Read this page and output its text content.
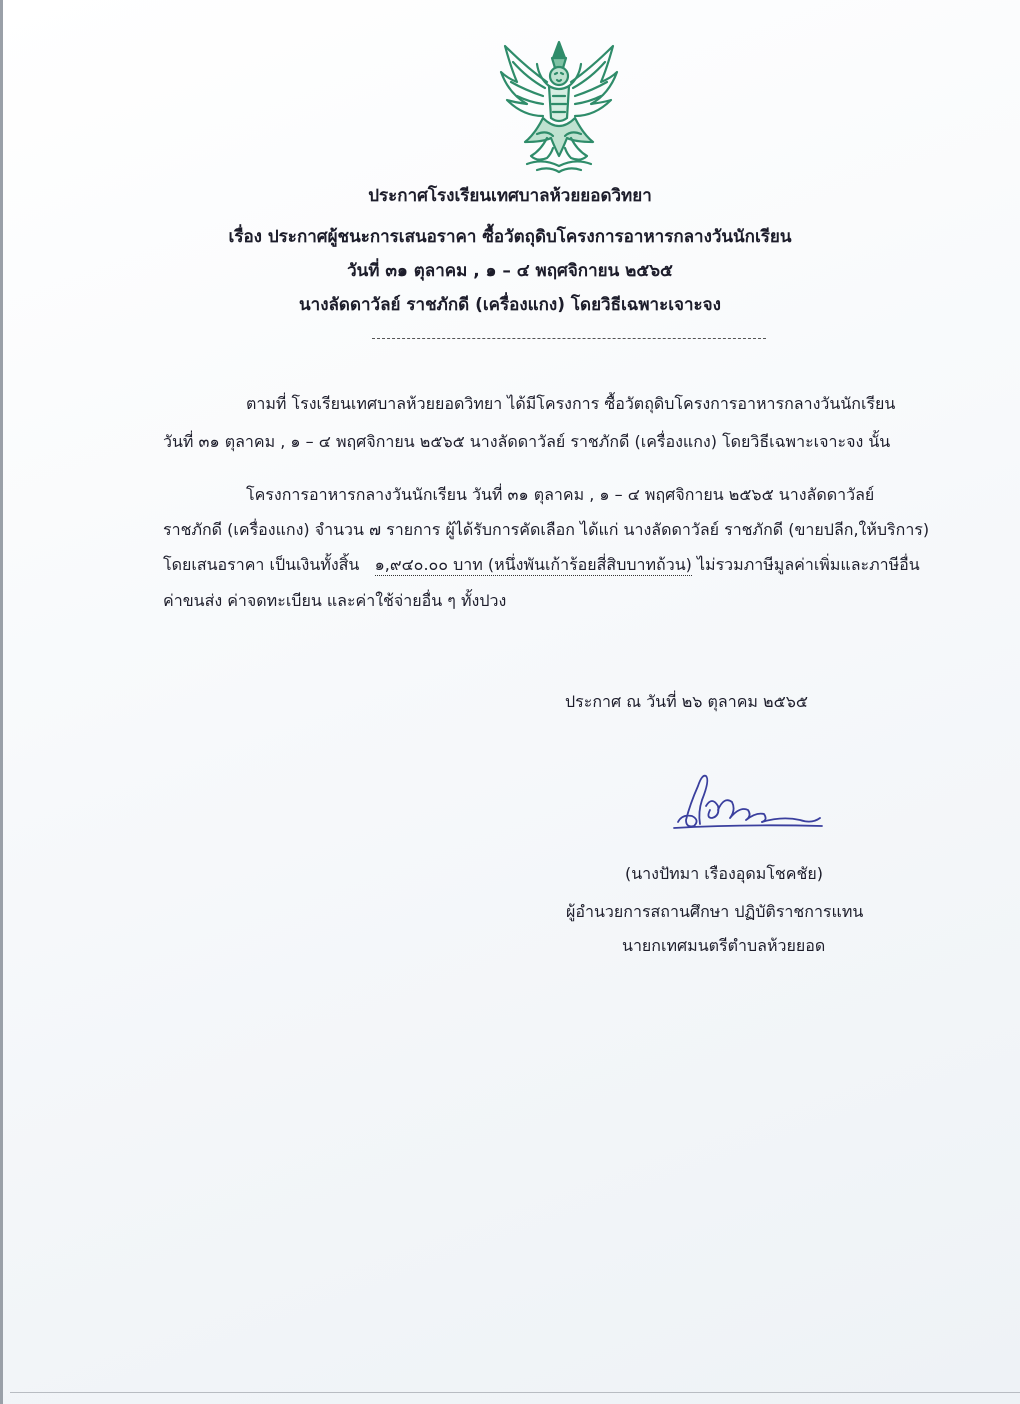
ประกาศโรงเรียนเทศบาลห้วยยอดวิทยา
เรื่อง ประกาศผู้ชนะการเสนอราคา ซื้อวัตถุดิบโครงการอาหารกลางวันนักเรียน
วันที่ ๓๑ ตุลาคม , ๑ – ๔ พฤศจิกายน ๒๕๖๕
นางลัดดาวัลย์ ราชภักดี (เครื่องแกง) โดยวิธีเฉพาะเจาะจง
ตามที่ โรงเรียนเทศบาลห้วยยอดวิทยา ได้มีโครงการ ซื้อวัตถุดิบโครงการอาหารกลางวันนักเรียน
วันที่ ๓๑ ตุลาคม , ๑ – ๔ พฤศจิกายน ๒๕๖๕ นางลัดดาวัลย์ ราชภักดี (เครื่องแกง) โดยวิธีเฉพาะเจาะจง นั้น
โครงการอาหารกลางวันนักเรียน วันที่ ๓๑ ตุลาคม , ๑ – ๔ พฤศจิกายน ๒๕๖๕ นางลัดดาวัลย์
ราชภักดี (เครื่องแกง) จำนวน ๗ รายการ ผู้ได้รับการคัดเลือก ได้แก่ นางลัดดาวัลย์ ราชภักดี (ขายปลีก,ให้บริการ)
โดยเสนอราคา เป็นเงินทั้งสิ้น ๑,๙๔๐.๐๐ บาท (หนึ่งพันเก้าร้อยสี่สิบบาทถ้วน) ไม่รวมภาษีมูลค่าเพิ่มและภาษีอื่น
ค่าขนส่ง ค่าจดทะเบียน และค่าใช้จ่ายอื่น ๆ ทั้งปวง
ประกาศ ณ วันที่ ๒๖ ตุลาคม ๒๕๖๕
(นางปัทมา เรืองอุดมโชคชัย)
ผู้อำนวยการสถานศึกษา ปฏิบัติราชการแทน
นายกเทศมนตรีตำบลห้วยยอด
